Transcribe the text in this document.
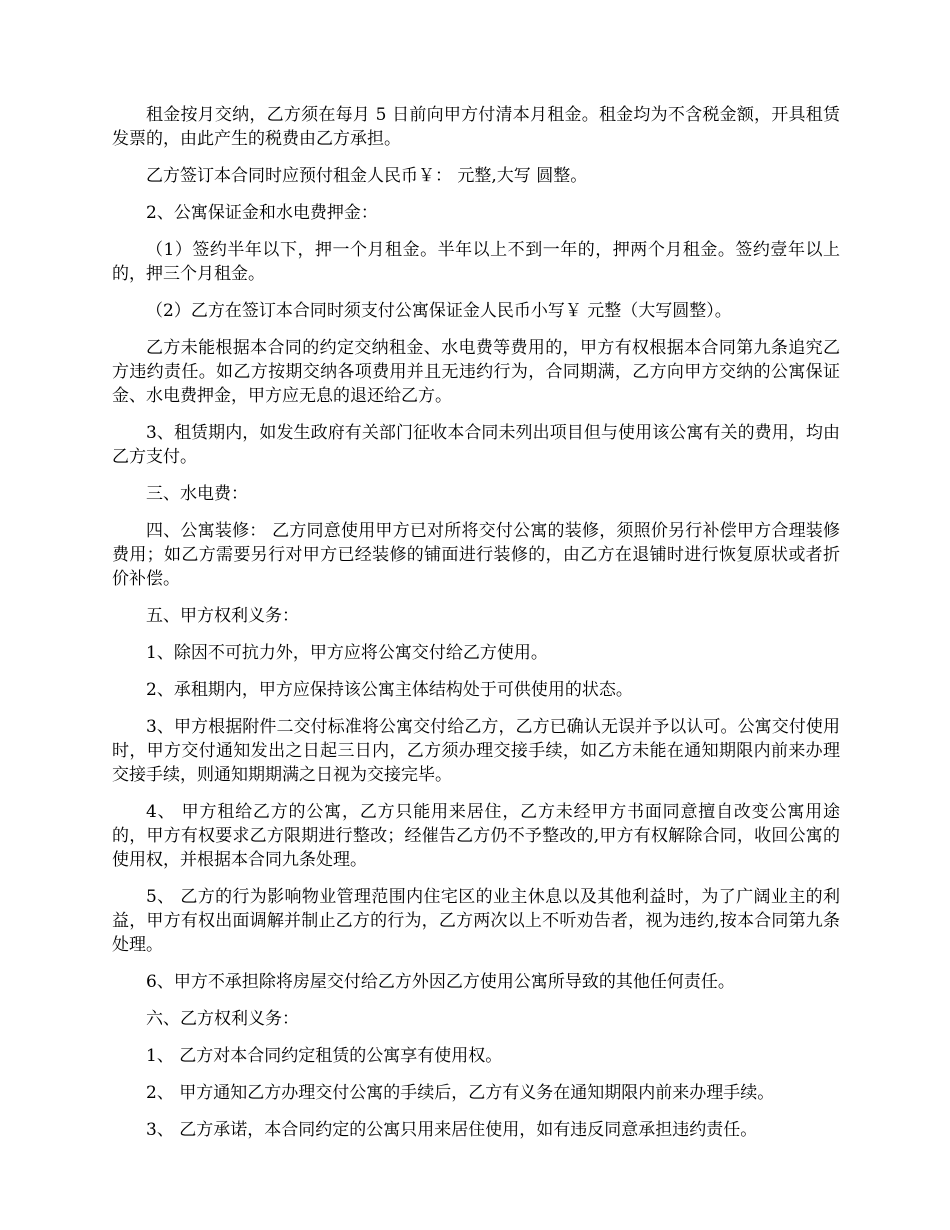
租金按月交纳，乙方须在每月 5 日前向甲方付清本月租金。租金均为不含税金额，开具租赁发票的，由此产生的税费由乙方承担。

乙方签订本合同时应预付租金人民币￥： 元整,大写 圆整。

2、公寓保证金和水电费押金：

（1）签约半年以下，押一个月租金。半年以上不到一年的，押两个月租金。签约壹年以上的，押三个月租金。

（2）乙方在签订本合同时须支付公寓保证金人民币小写￥ 元整（大写圆整）。

乙方未能根据本合同的约定交纳租金、水电费等费用的，甲方有权根据本合同第九条追究乙方违约责任。如乙方按期交纳各项费用并且无违约行为，合同期满，乙方向甲方交纳的公寓保证金、水电费押金，甲方应无息的退还给乙方。

3、租赁期内，如发生政府有关部门征收本合同未列出项目但与使用该公寓有关的费用，均由乙方支付。

三、水电费：

四、公寓装修： 乙方同意使用甲方已对所将交付公寓的装修，须照价另行补偿甲方合理装修费用；如乙方需要另行对甲方已经装修的铺面进行装修的，由乙方在退铺时进行恢复原状或者折价补偿。

五、甲方权利义务：

1、除因不可抗力外，甲方应将公寓交付给乙方使用。

2、承租期内，甲方应保持该公寓主体结构处于可供使用的状态。

3、甲方根据附件二交付标准将公寓交付给乙方，乙方已确认无误并予以认可。公寓交付使用时，甲方交付通知发出之日起三日内，乙方须办理交接手续，如乙方未能在通知期限内前来办理交接手续，则通知期期满之日视为交接完毕。

4、 甲方租给乙方的公寓，乙方只能用来居住，乙方未经甲方书面同意擅自改变公寓用途的，甲方有权要求乙方限期进行整改；经催告乙方仍不予整改的,甲方有权解除合同，收回公寓的使用权，并根据本合同九条处理。

5、 乙方的行为影响物业管理范围内住宅区的业主休息以及其他利益时，为了广阔业主的利益，甲方有权出面调解并制止乙方的行为，乙方两次以上不听劝告者，视为违约,按本合同第九条处理。

6、甲方不承担除将房屋交付给乙方外因乙方使用公寓所导致的其他任何责任。

六、乙方权利义务：

1、 乙方对本合同约定租赁的公寓享有使用权。

2、 甲方通知乙方办理交付公寓的手续后，乙方有义务在通知期限内前来办理手续。

3、 乙方承诺，本合同约定的公寓只用来居住使用，如有违反同意承担违约责任。
